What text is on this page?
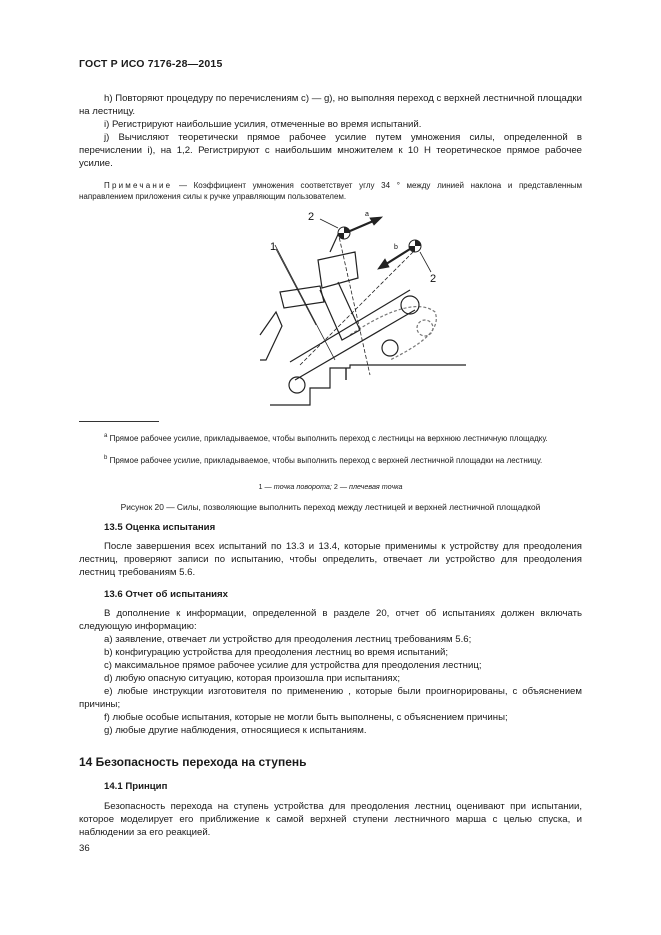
ГОСТ Р ИСО 7176-28—2015
h) Повторяют процедуру по перечислениям c) — g), но выполняя переход с верхней лестничной площадки на лестницу.
i) Регистрируют наибольшие усилия, отмеченные во время испытаний.
j) Вычисляют теоретически прямое рабочее усилие путем умножения силы, определенной в перечислении i), на 1,2. Регистрируют с наибольшим множителем к 10 Н теоретическое прямое рабочее усилие.
Примечание — Коэффициент умножения соответствует углу 34 ° между линией наклона и представленным направлением приложения силы к ручке управляющим пользователем.
1
2
2
a
b
$^a$ Прямое рабочее усилие, прикладываемое, чтобы выполнить переход с лестницы на верхнюю лестничную площадку.
$^b$ Прямое рабочее усилие, прикладываемое, чтобы выполнить переход с верхней лестничной площадки на лестницу.
1 — точка поворота; 2 — плечевая точка
Рисунок 20 — Силы, позволяющие выполнить переход между лестницей и верхней лестничной площадкой
13.5 Оценка испытания
После завершения всех испытаний по 13.3 и 13.4, которые применимы к устройству для преодоления лестниц, проверяют записи по испытанию, чтобы определить, отвечает ли устройство для преодоления лестниц требованиям 5.6.
13.6 Отчет об испытаниях
В дополнение к информации, определенной в разделе 20, отчет об испытаниях должен включать следующую информацию:
a) заявление, отвечает ли устройство для преодоления лестниц требованиям 5.6;
b) конфигурацию устройства для преодоления лестниц во время испытаний;
c) максимальное прямое рабочее усилие для устройства для преодоления лестниц;
d) любую опасную ситуацию, которая произошла при испытаниях;
e) любые инструкции изготовителя по применению , которые были проигнорированы, с объяснением причины;
f) любые особые испытания, которые не могли быть выполнены, с объяснением причины;
g) любые другие наблюдения, относящиеся к испытаниям.
14 Безопасность перехода на ступень
14.1 Принцип
Безопасность перехода на ступень устройства для преодоления лестниц оценивают при испытании, которое моделирует его приближение к самой верхней ступени лестничного марша с целью спуска, и наблюдении за его реакцией.
36
